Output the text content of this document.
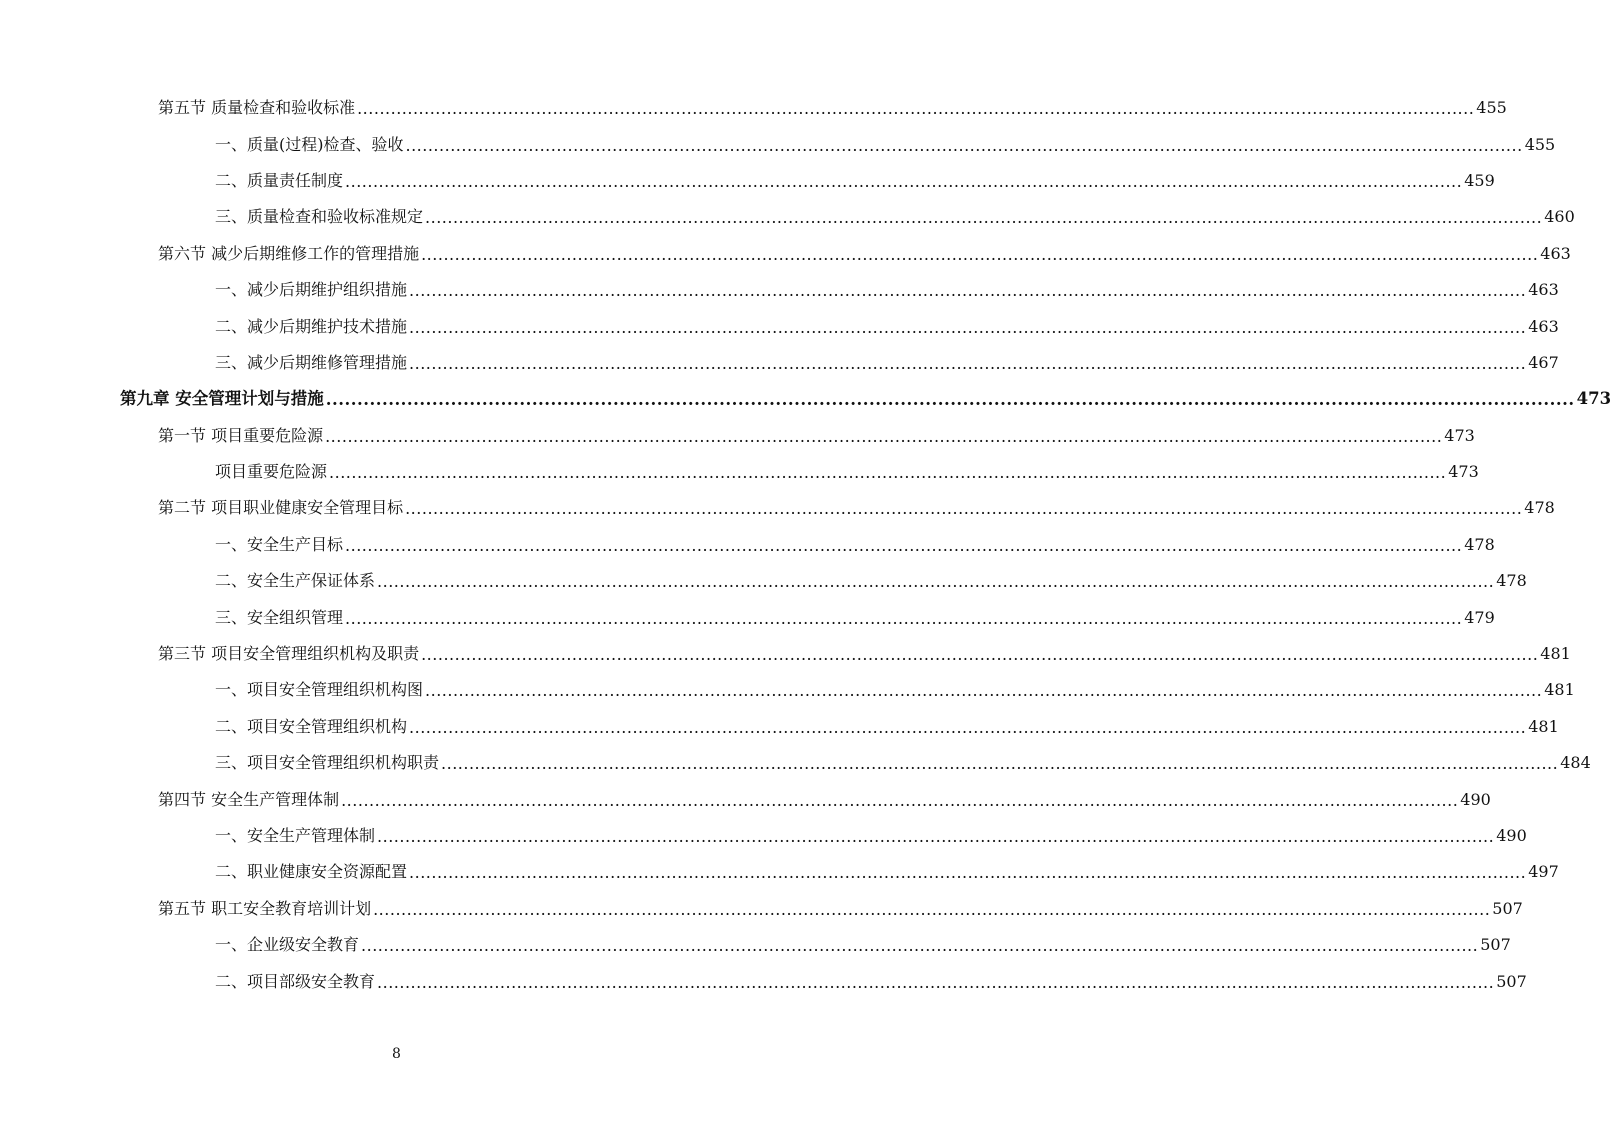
第五节 质量检查和验收标准 ........................................................................................................................................................................................................ 455
一、质量(过程)检查、验收 ........................................................................................................................................................................................................ 455
二、质量责任制度 ........................................................................................................................................................................................................ 459
三、质量检查和验收标准规定 ........................................................................................................................................................................................................ 460
第六节 减少后期维修工作的管理措施 ........................................................................................................................................................................................................ 463
一、减少后期维护组织措施 ........................................................................................................................................................................................................ 463
二、减少后期维护技术措施 ........................................................................................................................................................................................................ 463
三、减少后期维修管理措施 ........................................................................................................................................................................................................ 467
第九章 安全管理计划与措施 ........................................................................................................................................................................................................ 473
第一节 项目重要危险源 ........................................................................................................................................................................................................ 473
项目重要危险源 ........................................................................................................................................................................................................ 473
第二节 项目职业健康安全管理目标 ........................................................................................................................................................................................................ 478
一、安全生产目标 ........................................................................................................................................................................................................ 478
二、安全生产保证体系 ........................................................................................................................................................................................................ 478
三、安全组织管理 ........................................................................................................................................................................................................ 479
第三节 项目安全管理组织机构及职责 ........................................................................................................................................................................................................ 481
一、项目安全管理组织机构图 ........................................................................................................................................................................................................ 481
二、项目安全管理组织机构 ........................................................................................................................................................................................................ 481
三、项目安全管理组织机构职责 ........................................................................................................................................................................................................ 484
第四节 安全生产管理体制 ........................................................................................................................................................................................................ 490
一、安全生产管理体制 ........................................................................................................................................................................................................ 490
二、职业健康安全资源配置 ........................................................................................................................................................................................................ 497
第五节 职工安全教育培训计划 ........................................................................................................................................................................................................ 507
一、企业级安全教育 ........................................................................................................................................................................................................ 507
二、项目部级安全教育 ........................................................................................................................................................................................................ 507
8
